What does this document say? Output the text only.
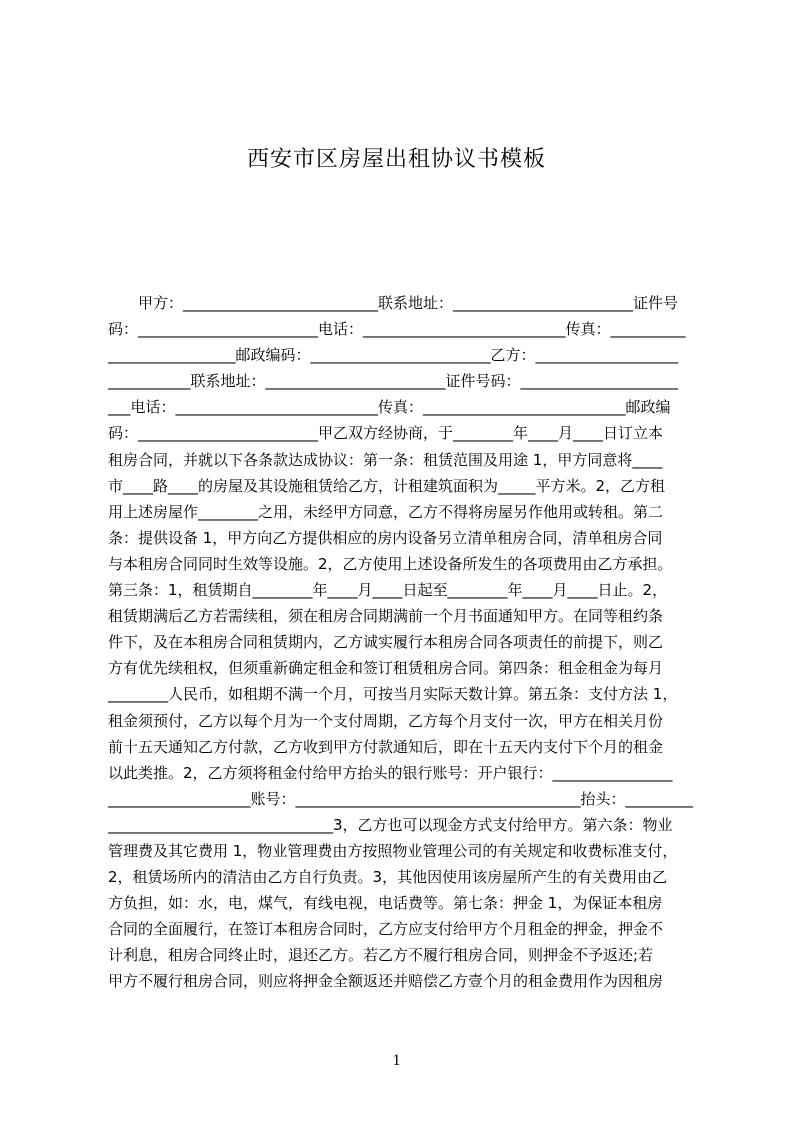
西安市区房屋出租协议书模板
　　甲方：__________________________联系地址：________________________证件号
码：________________________电话：___________________________传真：__________
_________________邮政编码：________________________乙方：___________________
___________联系地址：________________________证件号码：_____________________
___电话：___________________________传真：___________________________邮政编
码：________________________甲乙双方经协商，于________年____月____日订立本
租房合同，并就以下各条款达成协议：第一条：租赁范围及用途 1，甲方同意将____
市____路____的房屋及其设施租赁给乙方，计租建筑面积为_____平方米。2，乙方租
用上述房屋作________之用，未经甲方同意，乙方不得将房屋另作他用或转租。第二
条：提供设备 1，甲方向乙方提供相应的房内设备另立清单租房合同，清单租房合同
与本租房合同同时生效等设施。2，乙方使用上述设备所发生的各项费用由乙方承担。
第三条：1，租赁期自________年____月____日起至________年____月____日止。2，
租赁期满后乙方若需续租，须在租房合同期满前一个月书面通知甲方。在同等租约条
件下，及在本租房合同租赁期内，乙方诚实履行本租房合同各项责任的前提下，则乙
方有优先续租权，但须重新确定租金和签订租赁租房合同。第四条：租金租金为每月
________人民币，如租期不满一个月，可按当月实际天数计算。第五条：支付方法 1，
租金须预付，乙方以每个月为一个支付周期，乙方每个月支付一次，甲方在相关月份
前十五天通知乙方付款，乙方收到甲方付款通知后，即在十五天内支付下个月的租金
以此类推。2，乙方须将租金付给甲方抬头的银行账号：开户银行：________________
___________________账号：______________________________________抬头：_________
______________________________3，乙方也可以现金方式支付给甲方。第六条：物业
管理费及其它费用 1，物业管理费由方按照物业管理公司的有关规定和收费标准支付，
2，租赁场所内的清洁由乙方自行负责。3，其他因使用该房屋所产生的有关费用由乙
方负担，如：水，电，煤气，有线电视，电话费等。第七条：押金 1，为保证本租房
合同的全面履行，在签订本租房合同时，乙方应支付给甲方个月租金的押金，押金不
计利息，租房合同终止时，退还乙方。若乙方不履行租房合同，则押金不予返还;若
甲方不履行租房合同，则应将押金全额返还并赔偿乙方壹个月的租金费用作为因租房
1
